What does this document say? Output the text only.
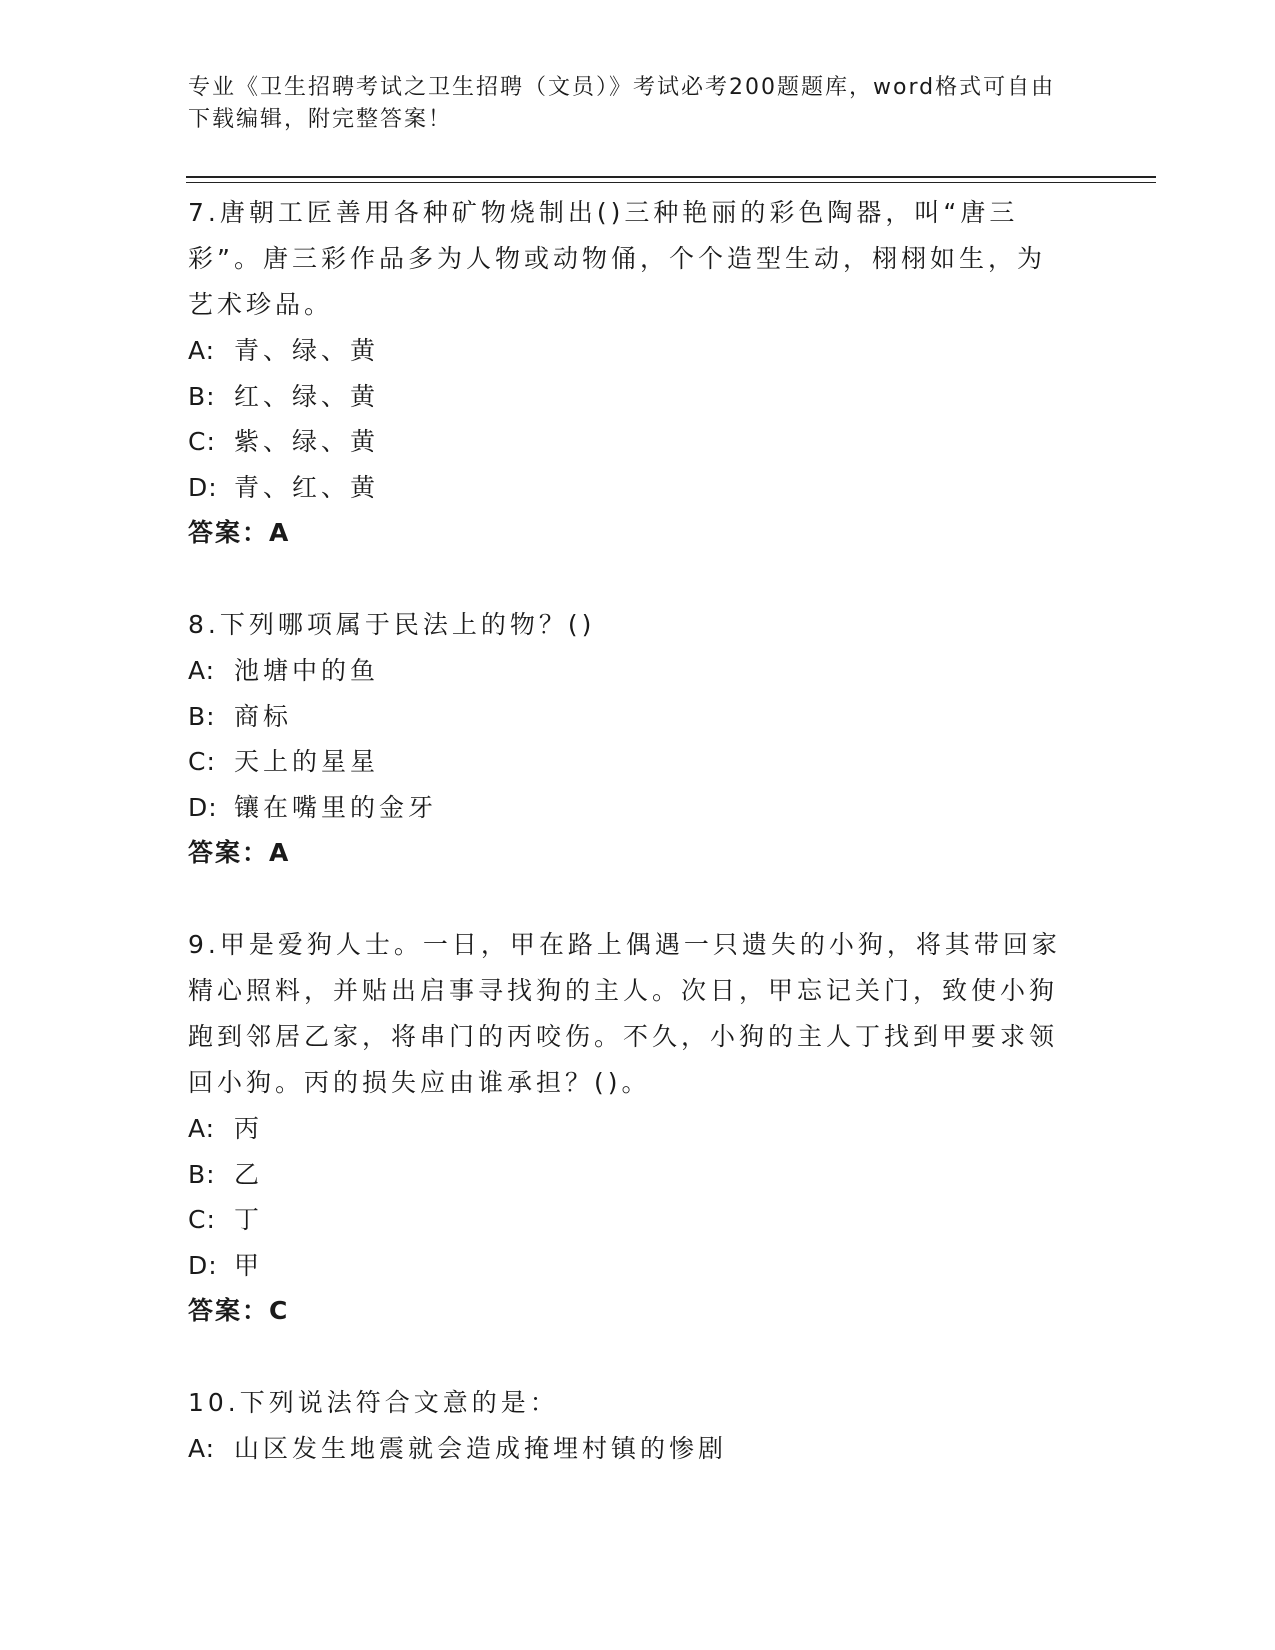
专业《卫生招聘考试之卫生招聘（文员）》考试必考200题题库，word格式可自由下载编辑，附完整答案！

7.唐朝工匠善用各种矿物烧制出()三种艳丽的彩色陶器，叫“唐三彩”。唐三彩作品多为人物或动物俑，个个造型生动，栩栩如生，为艺术珍品。

A: 青、绿、黄

B: 红、绿、黄

C: 紫、绿、黄

D: 青、红、黄

答案：A

8.下列哪项属于民法上的物？()

A: 池塘中的鱼

B: 商标

C: 天上的星星

D: 镶在嘴里的金牙

答案：A

9.甲是爱狗人士。一日，甲在路上偶遇一只遗失的小狗，将其带回家精心照料，并贴出启事寻找狗的主人。次日，甲忘记关门，致使小狗跑到邻居乙家，将串门的丙咬伤。不久，小狗的主人丁找到甲要求领回小狗。丙的损失应由谁承担？()。

A: 丙

B: 乙

C: 丁

D: 甲

答案：C

10.下列说法符合文意的是：

A: 山区发生地震就会造成掩埋村镇的惨剧
